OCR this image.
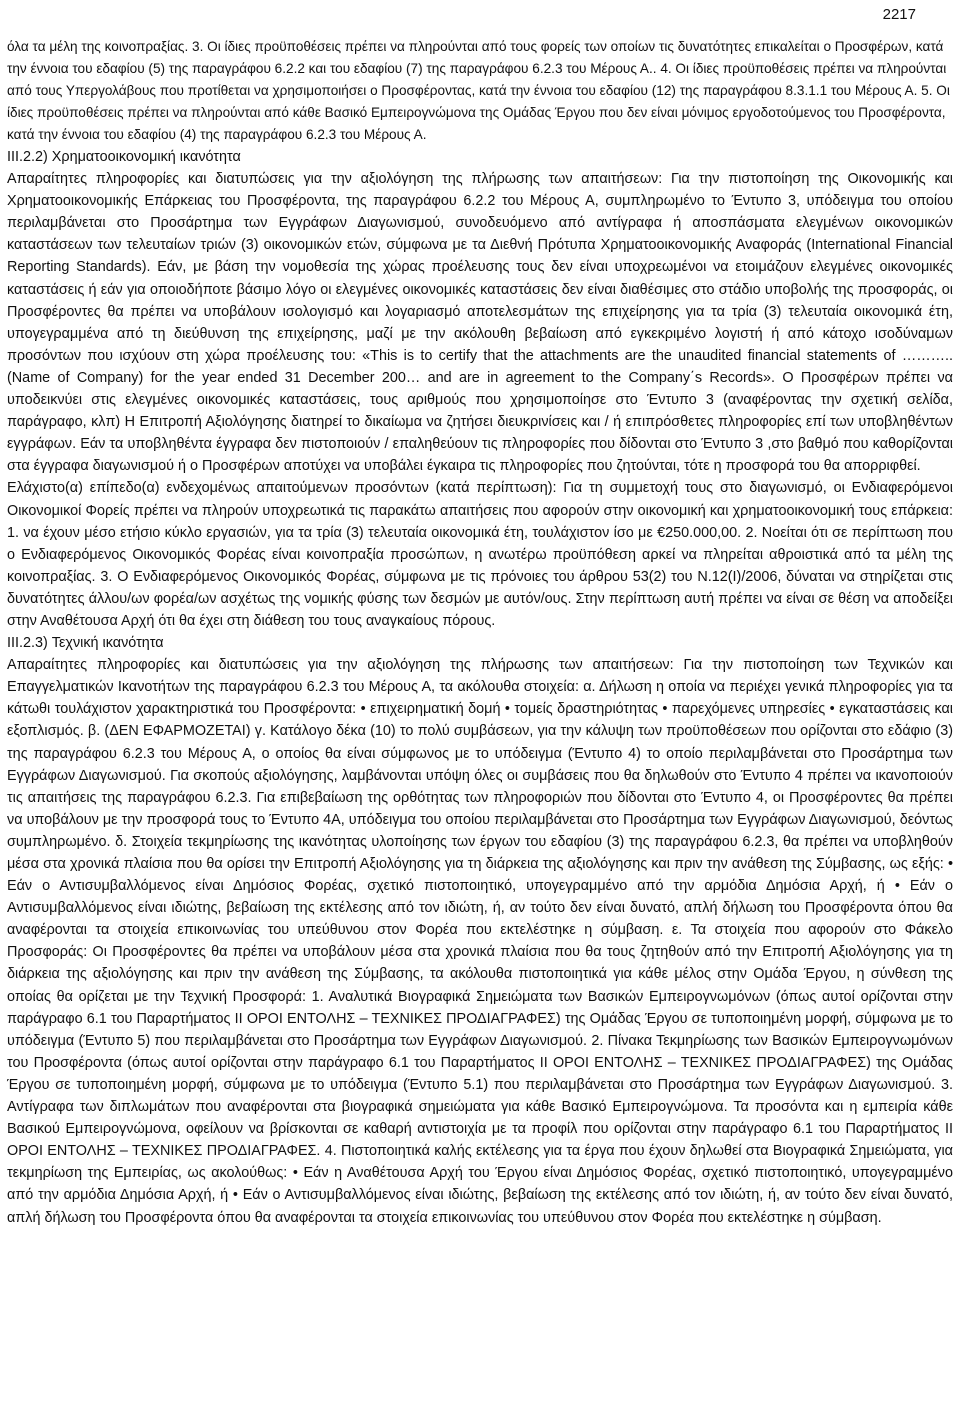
2217

όλα τα μέλη της κοινοπραξίας. 3. Οι ίδιες προϋποθέσεις πρέπει να πληρούνται από τους φορείς των οποίων τις δυνατότητες επικαλείται ο Προσφέρων, κατά την έννοια του εδαφίου (5) της παραγράφου 6.2.2 και του εδαφίου (7) της παραγράφου 6.2.3 του Μέρους Α.. 4. Οι ίδιες προϋποθέσεις πρέπει να πληρούνται από τους Υπεργολάβους που προτίθεται να χρησιμοποιήσει ο Προσφέροντας, κατά την έννοια του εδαφίου (12) της παραγράφου 8.3.1.1 του Μέρους Α. 5. Οι ίδιες προϋποθέσεις πρέπει να πληρούνται από κάθε Βασικό Εμπειρογνώμονα της Ομάδας Έργου που δεν είναι μόνιμος εργοδοτούμενος του Προσφέροντα, κατά την έννοια του εδαφίου (4) της παραγράφου 6.2.3 του Μέρους Α.

III.2.2) Χρηματοοικονομική ικανότητα

Απαραίτητες πληροφορίες και διατυπώσεις για την αξιολόγηση της πλήρωσης των απαιτήσεων: Για την πιστοποίηση της Οικονομικής και Χρηματοοικονομικής Επάρκειας του Προσφέροντα, της παραγράφου 6.2.2 του Μέρους Α, συμπληρωμένο το Έντυπο 3, υπόδειγμα του οποίου περιλαμβάνεται στο Προσάρτημα των Εγγράφων Διαγωνισμού, συνοδευόμενο από αντίγραφα ή αποσπάσματα ελεγμένων οικονομικών καταστάσεων των τελευταίων τριών (3) οικονομικών ετών, σύμφωνα με τα Διεθνή Πρότυπα Χρηματοοικονομικής Αναφοράς (International Financial Reporting Standards). Εάν, με βάση την νομοθεσία της χώρας προέλευσης τους δεν είναι υποχρεωμένοι να ετοιμάζουν ελεγμένες οικονομικές καταστάσεις ή εάν για οποιοδήποτε βάσιμο λόγο οι ελεγμένες οικονομικές καταστάσεις δεν είναι διαθέσιμες στο στάδιο υποβολής της προσφοράς, οι Προσφέροντες θα πρέπει να υποβάλουν ισολογισμό και λογαριασμό αποτελεσμάτων της επιχείρησης για τα τρία (3) τελευταία οικονομικά έτη, υπογεγραμμένα από τη διεύθυνση της επιχείρησης, μαζί με την ακόλουθη βεβαίωση από εγκεκριμένο λογιστή ή από κάτοχο ισοδύναμων προσόντων που ισχύουν στη χώρα προέλευσης του: «This is to certify that the attachments are the unaudited financial statements of ……….. (Name of Company) for the year ended 31 December 200… and are in agreement to the Company΄s Records». Ο Προσφέρων πρέπει να υποδεικνύει στις ελεγμένες οικονομικές καταστάσεις, τους αριθμούς που χρησιμοποίησε στο Έντυπο 3 (αναφέροντας την σχετική σελίδα, παράγραφο, κλπ) Η Επιτροπή Αξιολόγησης διατηρεί το δικαίωμα να ζητήσει διευκρινίσεις και / ή επιπρόσθετες πληροφορίες επί των υποβληθέντων εγγράφων. Εάν τα υποβληθέντα έγγραφα δεν πιστοποιούν / επαληθεύουν τις πληροφορίες που δίδονται στο Έντυπο 3 ,στο βαθμό που καθορίζονται στα έγγραφα διαγωνισμού ή ο Προσφέρων αποτύχει να υποβάλει έγκαιρα τις πληροφορίες που ζητούνται, τότε η προσφορά του θα απορριφθεί.

Ελάχιστο(α) επίπεδο(α) ενδεχομένως απαιτούμενων προσόντων (κατά περίπτωση): Για τη συμμετοχή τους στο διαγωνισμό, οι Ενδιαφερόμενοι Οικονομικοί Φορείς πρέπει να πληρούν υποχρεωτικά τις παρακάτω απαιτήσεις που αφορούν στην οικονομική και χρηματοοικονομική τους επάρκεια: 1. να έχουν μέσο ετήσιο κύκλο εργασιών, για τα τρία (3) τελευταία οικονομικά έτη, τουλάχιστον ίσο με €250.000,00. 2. Νοείται ότι σε περίπτωση που ο Ενδιαφερόμενος Οικονομικός Φορέας είναι κοινοπραξία προσώπων, η ανωτέρω προϋπόθεση αρκεί να πληρείται αθροιστικά από τα μέλη της κοινοπραξίας. 3. Ο Ενδιαφερόμενος Οικονομικός Φορέας, σύμφωνα με τις πρόνοιες του άρθρου 53(2) του Ν.12(Ι)/2006, δύναται να στηρίζεται στις δυνατότητες άλλου/ων φορέα/ων ασχέτως της νομικής φύσης των δεσμών με αυτόν/ους. Στην περίπτωση αυτή πρέπει να είναι σε θέση να αποδείξει στην Αναθέτουσα Αρχή ότι θα έχει στη διάθεση του τους αναγκαίους πόρους.

III.2.3) Τεχνική ικανότητα

Απαραίτητες πληροφορίες και διατυπώσεις για την αξιολόγηση της πλήρωσης των απαιτήσεων: Για την πιστοποίηση των Τεχνικών και Επαγγελματικών Ικανοτήτων της παραγράφου 6.2.3 του Μέρους Α, τα ακόλουθα στοιχεία: α. Δήλωση η οποία να περιέχει γενικά πληροφορίες για τα κάτωθι τουλάχιστον χαρακτηριστικά του Προσφέροντα: • επιχειρηματική δομή • τομείς δραστηριότητας • παρεχόμενες υπηρεσίες • εγκαταστάσεις και εξοπλισμός. β. (ΔΕΝ ΕΦΑΡΜΟΖΕΤΑΙ) γ. Κατάλογο δέκα (10) το πολύ συμβάσεων, για την κάλυψη των προϋποθέσεων που ορίζονται στο εδάφιο (3) της παραγράφου 6.2.3 του Μέρους Α, ο οποίος θα είναι σύμφωνος με το υπόδειγμα (Έντυπο 4) το οποίο περιλαμβάνεται στο Προσάρτημα των Εγγράφων Διαγωνισμού. Για σκοπούς αξιολόγησης, λαμβάνονται υπόψη όλες οι συμβάσεις που θα δηλωθούν στο Έντυπο 4 πρέπει να ικανοποιούν τις απαιτήσεις της παραγράφου 6.2.3. Για επιβεβαίωση της ορθότητας των πληροφοριών που δίδονται στο Έντυπο 4, οι Προσφέροντες θα πρέπει να υποβάλουν με την προσφορά τους το Έντυπο 4Α, υπόδειγμα του οποίου περιλαμβάνεται στο Προσάρτημα των Εγγράφων Διαγωνισμού, δεόντως συμπληρωμένο. δ. Στοιχεία τεκμηρίωσης της ικανότητας υλοποίησης των έργων του εδαφίου (3) της παραγράφου 6.2.3, θα πρέπει να υποβληθούν μέσα στα χρονικά πλαίσια που θα ορίσει την Επιτροπή Αξιολόγησης για τη διάρκεια της αξιολόγησης και πριν την ανάθεση της Σύμβασης, ως εξής: • Εάν ο Αντισυμβαλλόμενος είναι Δημόσιος Φορέας, σχετικό πιστοποιητικό, υπογεγραμμένο από την αρμόδια Δημόσια Αρχή, ή • Εάν ο Αντισυμβαλλόμενος είναι ιδιώτης, βεβαίωση της εκτέλεσης από τον ιδιώτη, ή, αν τούτο δεν είναι δυνατό, απλή δήλωση του Προσφέροντα όπου θα αναφέρονται τα στοιχεία επικοινωνίας του υπεύθυνου στον Φορέα που εκτελέστηκε η σύμβαση. ε. Τα στοιχεία που αφορούν στο Φάκελο Προσφοράς: Οι Προσφέροντες θα πρέπει να υποβάλουν μέσα στα χρονικά πλαίσια που θα τους ζητηθούν από την Επιτροπή Αξιολόγησης για τη διάρκεια της αξιολόγησης και πριν την ανάθεση της Σύμβασης, τα ακόλουθα πιστοποιητικά για κάθε μέλος στην Ομάδα Έργου, η σύνθεση της οποίας θα ορίζεται με την Τεχνική Προσφορά: 1. Αναλυτικά Βιογραφικά Σημειώματα των Βασικών Εμπειρογνωμόνων (όπως αυτοί ορίζονται στην παράγραφο 6.1 του Παραρτήματος ΙΙ ΟΡΟΙ ΕΝΤΟΛΗΣ – ΤΕΧΝΙΚΕΣ ΠΡΟΔΙΑΓΡΑΦΕΣ) της Ομάδας Έργου σε τυποποιημένη μορφή, σύμφωνα με το υπόδειγμα (Έντυπο 5) που περιλαμβάνεται στο Προσάρτημα των Εγγράφων Διαγωνισμού. 2. Πίνακα Τεκμηρίωσης των Βασικών Εμπειρογνωμόνων του Προσφέροντα (όπως αυτοί ορίζονται στην παράγραφο 6.1 του Παραρτήματος ΙΙ ΟΡΟΙ ΕΝΤΟΛΗΣ – ΤΕΧΝΙΚΕΣ ΠΡΟΔΙΑΓΡΑΦΕΣ) της Ομάδας Έργου σε τυποποιημένη μορφή, σύμφωνα με το υπόδειγμα (Έντυπο 5.1) που περιλαμβάνεται στο Προσάρτημα των Εγγράφων Διαγωνισμού. 3. Αντίγραφα των διπλωμάτων που αναφέρονται στα βιογραφικά σημειώματα για κάθε Βασικό Εμπειρογνώμονα. Τα προσόντα και η εμπειρία κάθε Βασικού Εμπειρογνώμονα, οφείλουν να βρίσκονται σε καθαρή αντιστοιχία με τα προφίλ που ορίζονται στην παράγραφο 6.1 του Παραρτήματος ΙΙ ΟΡΟΙ ΕΝΤΟΛΗΣ – ΤΕΧΝΙΚΕΣ ΠΡΟΔΙΑΓΡΑΦΕΣ. 4. Πιστοποιητικά καλής εκτέλεσης για τα έργα που έχουν δηλωθεί στα Βιογραφικά Σημειώματα, για τεκμηρίωση της Εμπειρίας, ως ακολούθως: • Εάν η Αναθέτουσα Αρχή του Έργου είναι Δημόσιος Φορέας, σχετικό πιστοποιητικό, υπογεγραμμένο από την αρμόδια Δημόσια Αρχή, ή • Εάν ο Αντισυμβαλλόμενος είναι ιδιώτης, βεβαίωση της εκτέλεσης από τον ιδιώτη, ή, αν τούτο δεν είναι δυνατό, απλή δήλωση του Προσφέροντα όπου θα αναφέρονται τα στοιχεία επικοινωνίας του υπεύθυνου στον Φορέα που εκτελέστηκε η σύμβαση.
